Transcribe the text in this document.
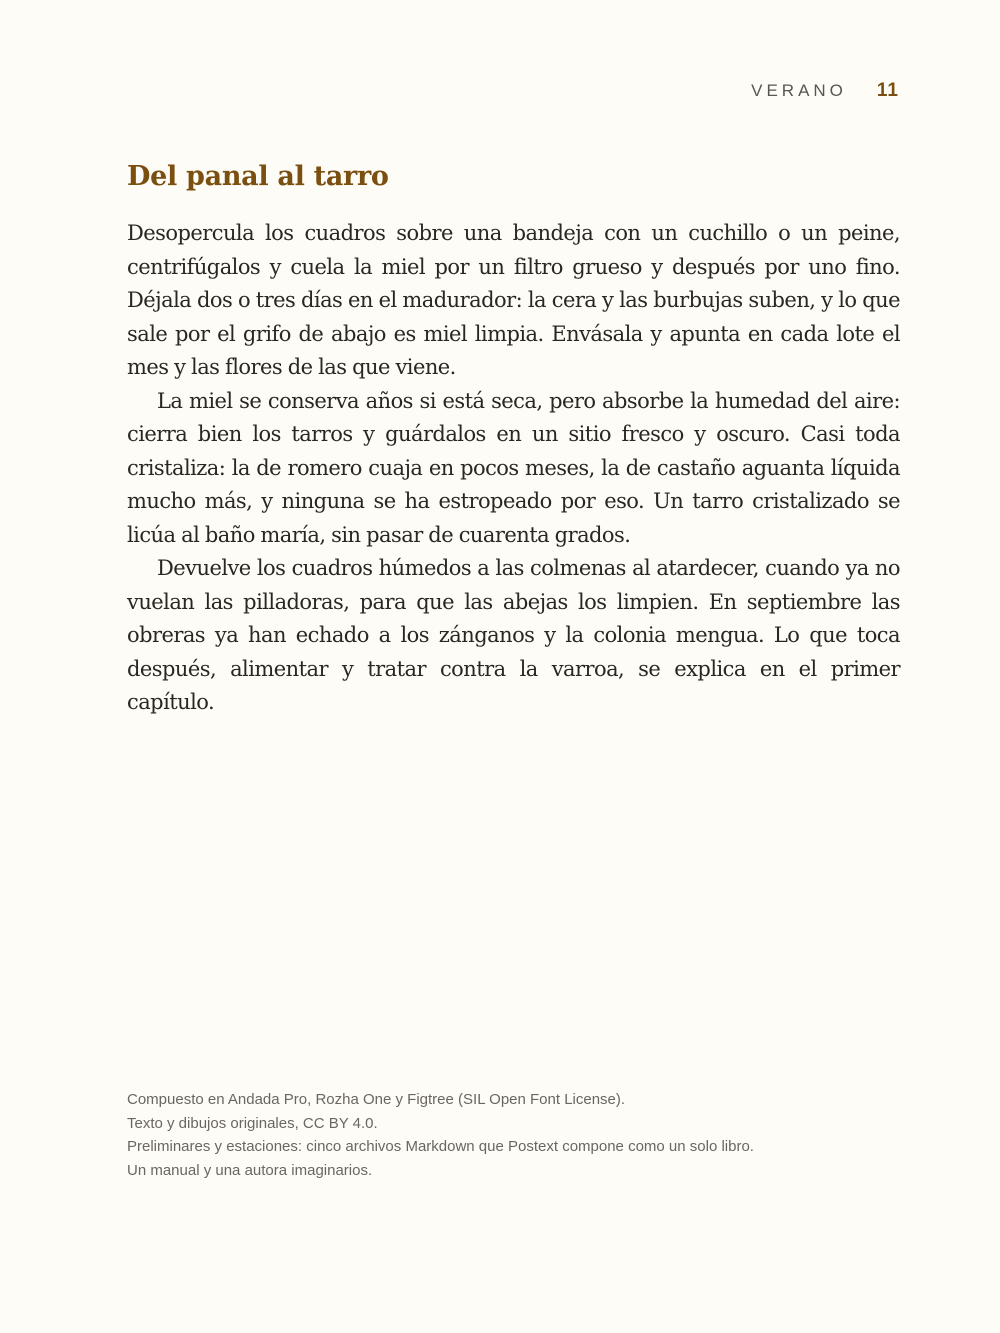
VERANO 11
Del panal al tarro

Desopercula los cuadros sobre una bandeja con un cuchillo o un peine, centrifúgalos y cuela la miel por un filtro grueso y después por uno fino. Déjala dos o tres días en el madurador: la cera y las burbujas suben, y lo que sale por el grifo de abajo es miel limpia. Envásala y apunta en cada lote el mes y las flores de las que viene.

La miel se conserva años si está seca, pero absorbe la humedad del aire: cierra bien los tarros y guárdalos en un sitio fresco y oscuro. Casi toda cristaliza: la de romero cuaja en pocos meses, la de castaño aguanta líquida mucho más, y ninguna se ha estropeado por eso. Un tarro cristalizado se licúa al baño maría, sin pasar de cuarenta grados.

Devuelve los cuadros húmedos a las colmenas al atardecer, cuando ya no vuelan las pilladoras, para que las abejas los limpien. En septiembre las obreras ya han echado a los zánganos y la colonia mengua. Lo que toca después, alimentar y tratar contra la varroa, se explica en el primer capítulo.

Compuesto en Andada Pro, Rozha One y Figtree (SIL Open Font License).
Texto y dibujos originales, CC BY 4.0.
Preliminares y estaciones: cinco archivos Markdown que Postext compone como un solo libro.
Un manual y una autora imaginarios.
